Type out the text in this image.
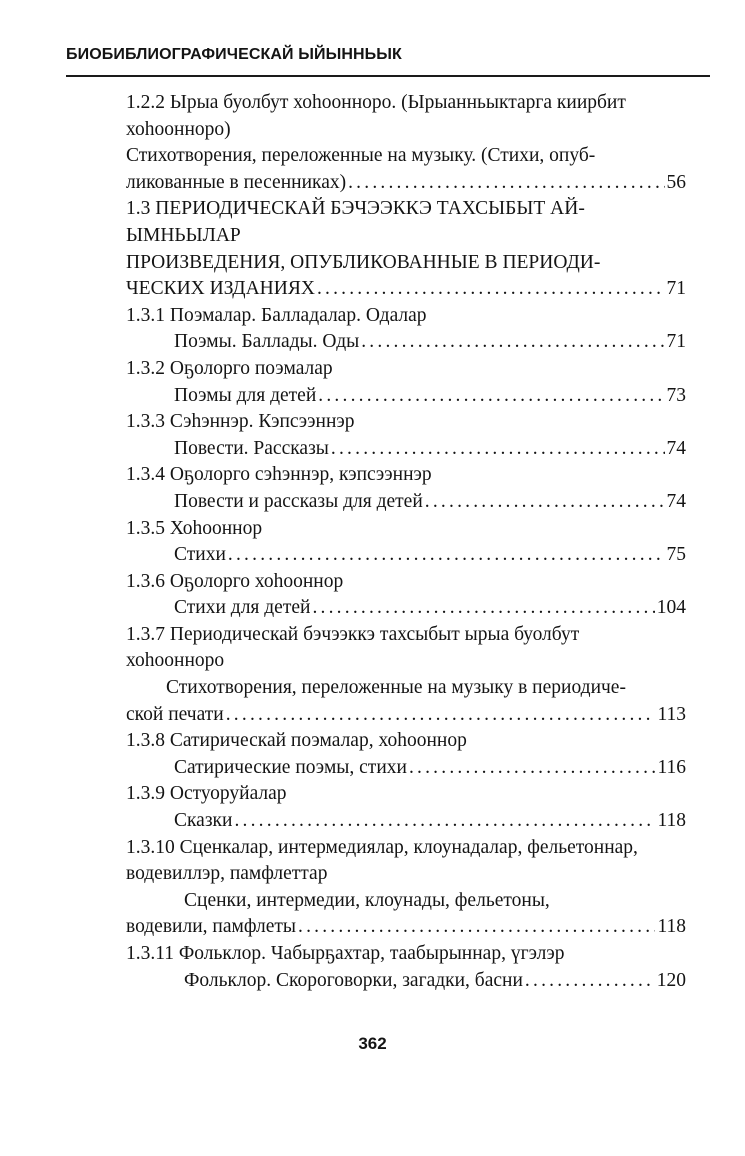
БИОБИБЛИОГРАФИЧЕСКАЙ ЫЙЫННЬЫК
1.2.2 Ырыа буолбут хоһооннoро. (Ырыанньыктарга киирбит
хоһооннoро)
Стихотворения, переложенные на музыку. (Стихи, опуб-
ликованные в песенниках) .....	56
1.3 ПЕРИОДИЧЕСКАЙ БЭЧЭЭККЭ ТАХСЫБЫТ АЙ-
ЫМНЬЫЛАР
ПРОИЗВЕДЕНИЯ, ОПУБЛИКОВАННЫЕ В ПЕРИОДИ-
ЧЕСКИХ ИЗДАНИЯХ .....	71
1.3.1 Поэмалар. Балладалар. Одалар
Поэмы. Баллады. Оды .....	71
1.3.2 Оҕолорго поэмалар
Поэмы для детей .....	73
1.3.3 Сэһэннэр. Кэпсээннэр
Повести. Рассказы .....	74
1.3.4 Оҕолорго сэһэннэр, кэпсээннэр
Повести и рассказы для детей .....	74
1.3.5 Хоһооннор
Стихи .....	75
1.3.6 Оҕолорго хоһооннор
Стихи для детей .....	104
1.3.7 Периодическай бэчээккэ тахсыбыт ырыа буолбут
хоһооннoро
Стихотворения, переложенные на музыку в периодиче-
ской печати .....	113
1.3.8 Сатирическай поэмалар, хоһооннор
Сатирические поэмы, стихи .....	116
1.3.9 Остуоруйалар
Сказки .....	118
1.3.10 Сценкалар, интермедиялар, клоунадалар, фельетоннар,
водевиллэр, памфлеттар
Сценки, интермедии, клоунады, фельетоны,
водевили, памфлеты .....	118
1.3.11 Фольклор. Чабырҕахтар, таабырыннар, үгэлэр
Фольклор. Скороговорки, загадки, басни .....	120
362
